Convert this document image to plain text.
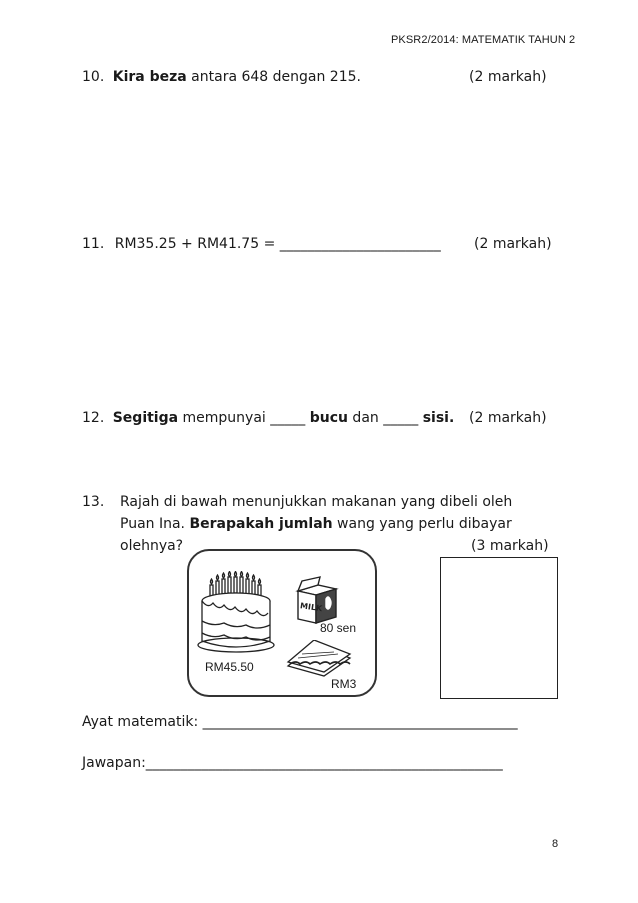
PKSR2/2014: MATEMATIK TAHUN 2
10. Kira beza antara 648 dengan 215.	(2 markah)
11. RM35.25 + RM41.75 = _______________________ (2 markah)
12. Segitiga mempunyai _____ bucu dan _____ sisi. (2 markah)
13. Rajah di bawah menunjukkan makanan yang dibeli oleh
Puan Ina. Berapakah jumlah wang yang perlu dibayar
olehnya?	(3 markah)
MILK
80 sen
RM45.50
RM3
Ayat matematik: _____________________________________________
Jawapan:___________________________________________________
8
